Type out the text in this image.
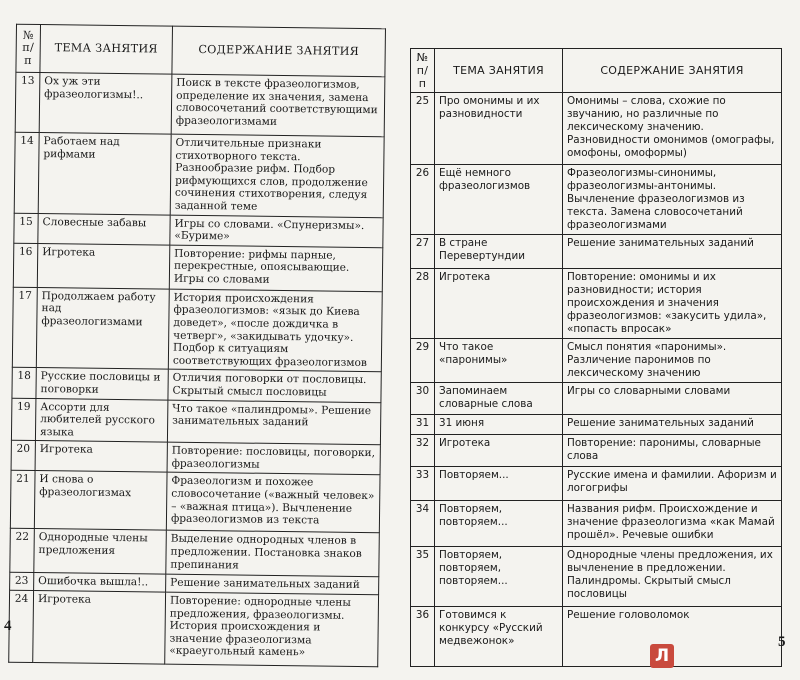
№ п/п	ТЕМА ЗАНЯТИЯ	СОДЕРЖАНИЕ ЗАНЯТИЯ
13	Ох уж эти фразеологизмы!..	Поиск в тексте фразеологизмов, определение их значения, замена словосочетаний соответствующими фразеологизмами
14	Работаем над рифмами	Отличительные признаки стихотворного текста. Разнообразие рифм. Подбор рифмующихся слов, продолжение сочинения стихотворения, следуя заданной теме
15	Словесные забавы	Игры со словами. «Спунеризмы». «Буриме»
16	Игротека	Повторение: рифмы парные, перекрестные, опоясывающие. Игры со словами
17	Продолжаем работу над фразеологизмами	История происхождения фразеологизмов: «язык до Киева доведет», «после дождичка в четверг», «закидывать удочку». Подбор к ситуациям соответствующих фразеологизмов
18	Русские пословицы и поговорки	Отличия поговорки от пословицы. Скрытый смысл пословицы
19	Ассорти для любителей русского языка	Что такое «палиндромы». Решение занимательных заданий
20	Игротека	Повторение: пословицы, поговорки, фразеологизмы
21	И снова о фразеологизмах	Фразеологизм и похожее словосочетание («важный человек» – «важная птица»). Вычленение фразеологизмов из текста
22	Однородные члены предложения	Выделение однородных членов в предложении. Постановка знаков препинания
23	Ошибочка вышла!..	Решение занимательных заданий
24	Игротека	Повторение: однородные члены предложения, фразеологизмы. История происхождения и значение фразеологизма «краеугольный камень»
№ п/п	ТЕМА ЗАНЯТИЯ	СОДЕРЖАНИЕ ЗАНЯТИЯ
25	Про омонимы и их разновидности	Омонимы – слова, схожие по звучанию, но различные по лексическому значению. Разновидности омонимов (омографы, омофоны, омоформы)
26	Ещё немного фразеологизмов	Фразеологизмы-синонимы, фразеологизмы-антонимы. Вычленение фразеологизмов из текста. Замена словосочетаний фразеологизмами
27	В стране Перевертундии	Решение занимательных заданий
28	Игротека	Повторение: омонимы и их разновидности; история происхождения и значения фразеологизмов: «закусить удила», «попасть впросак»
29	Что такое «паронимы»	Смысл понятия «паронимы». Различение паронимов по лексическому значению
30	Запоминаем словарные слова	Игры со словарными словами
31	31 июня	Решение занимательных заданий
32	Игротека	Повторение: паронимы, словарные слова
33	Повторяем...	Русские имена и фамилии. Афоризм и логогрифы
34	Повторяем, повторяем...	Названия рифм. Происхождение и значение фразеологизма «как Мамай прошёл». Речевые ошибки
35	Повторяем, повторяем, повторяем...	Однородные члены предложения, их вычленение в предложении. Палиндромы. Скрытый смысл пословицы
36	Готовимся к конкурсу «Русский медвежонок»	Решение головоломок
4
5
Л
